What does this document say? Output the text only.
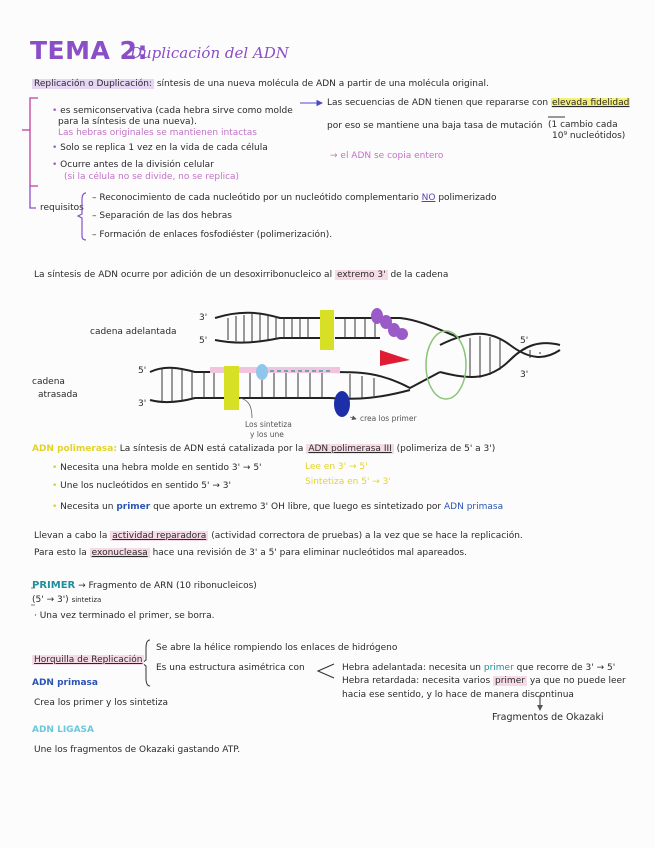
TEMA 2:
Duplicación del ADN
Replicación o Duplicación: síntesis de una nueva molécula de ADN a partir de una molécula original.
• es semiconservativa (cada hebra sirve como molde
para la síntesis de una nueva).
Las hebras originales se mantienen intactas
• Solo se replica 1 vez en la vida de cada célula
• Ocurre antes de la división celular
(si la célula no se divide, no se replica)
Las secuencias de ADN tienen que repararse con elevada fidelidad
por eso se mantiene una baja tasa de mutación (1 cambio cada
10⁹ nucleótidos)
→ el ADN se copia entero
requisitos
– Reconocimiento de cada nucleótido por un nucleótido complementario NO polimerizado
– Separación de las dos hebras
– Formación de enlaces fosfodiéster (polimerización).
La síntesis de ADN ocurre por adición de un desoxirribonucleico al extremo 3' de la cadena
cadena adelantada
cadena
atrasada
3'
5'
5'
3'
5'
3'
Los sintetiza
y los une
crea los primer
ADN polimerasa: La síntesis de ADN está catalizada por la ADN polimerasa III (polimeriza de 5' a 3')
• Necesita una hebra molde en sentido 3' → 5'	Lee en 3' → 5'
• Une los nucleótidos en sentido 5' → 3'	Sintetiza en 5' → 3'
• Necesita un primer que aporte un extremo 3' OH libre, que luego es sintetizado por ADN primasa
Llevan a cabo la actividad reparadora (actividad correctora de pruebas) a la vez que se hace la replicación.
Para esto la exonucleasa hace una revisión de 3' a 5' para eliminar nucleótidos mal apareados.
PRIMER → Fragmento de ARN (10 ribonucleicos)
(5' → 3') sintetiza
· Una vez terminado el primer, se borra.
Horquilla de Replicación
Se abre la hélice rompiendo los enlaces de hidrógeno
Es una estructura asimétrica con	Hebra adelantada: necesita un primer que recorre de 3' → 5'
Hebra retardada: necesita varios primer ya que no puede leer
hacia ese sentido, y lo hace de manera discontinua
Fragmentos de Okazaki
ADN primasa
Crea los primer y los sintetiza
ADN LIGASA
Une los fragmentos de Okazaki gastando ATP.
